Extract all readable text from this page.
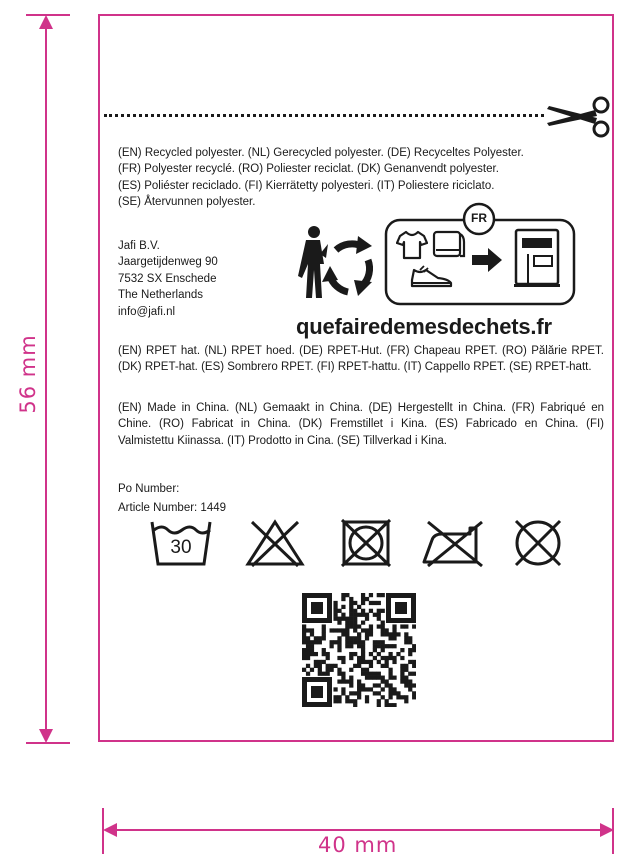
56 mm
40 mm
(EN) Recycled polyester. (NL) Gerecycled polyester. (DE) Recyceltes Polyester.
(FR) Polyester recyclé. (RO) Poliester reciclat. (DK) Genanvendt polyester.
(ES) Poliéster reciclado. (FI) Kierrätetty polyesteri. (IT) Poliestere riciclato.
(SE) Återvunnen polyester.
Jafi B.V.
Jaargetijdenweg 90
7532 SX Enschede
The Netherlands
info@jafi.nl
FR
quefairedemesdechets.fr
(EN) RPET hat. (NL) RPET hoed. (DE) RPET-Hut. (FR) Chapeau RPET. (RO) Pălărie RPET. (DK) RPET-hat. (ES) Sombrero RPET. (FI) RPET-hattu. (IT) Cappello RPET. (SE) RPET-hatt.
(EN) Made in China. (NL) Gemaakt in China. (DE) Hergestellt in China. (FR) Fabriqué en Chine. (RO) Fabricat in China. (DK) Fremstillet i Kina. (ES) Fabricado en China. (FI) Valmistettu Kiinassa. (IT) Prodotto in Cina. (SE) Tillverkad i Kina.
Po Number:
Article Number: 1449
30
